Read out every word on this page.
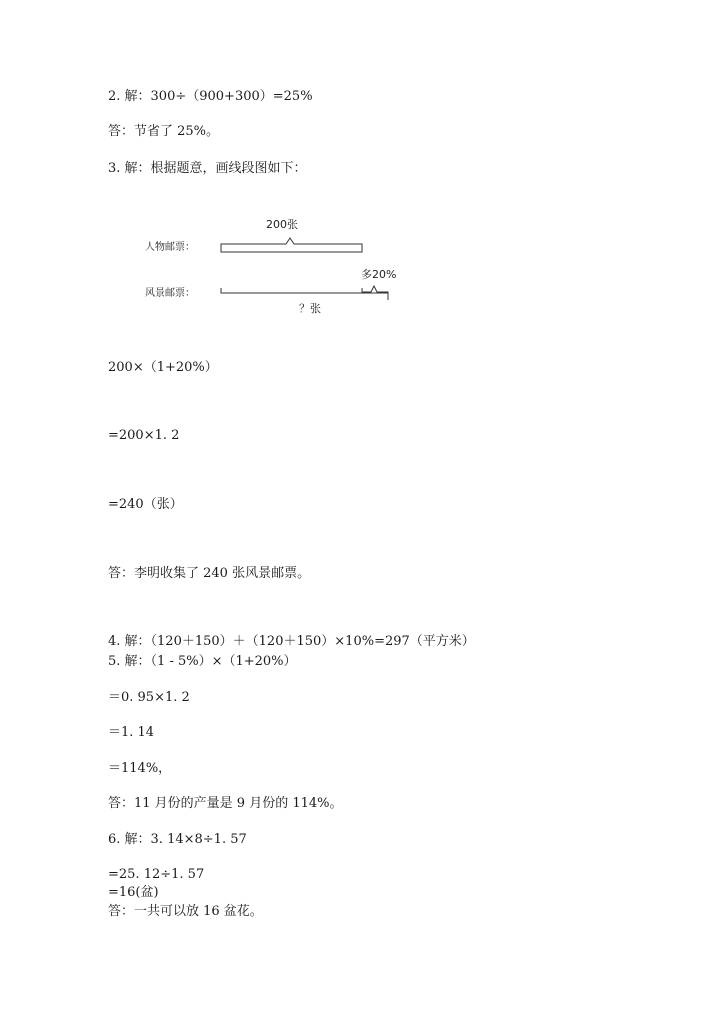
2. 解：300÷（900+300）=25%
答：节省了 25%。
3. 解：根据题意，画线段图如下：
200张
人物邮票：
多20%
风景邮票：
？张
200×（1+20%）
=200×1. 2
=240（张）
答：李明收集了 240 张风景邮票。
4. 解：（120＋150）＋（120＋150）×10%=297（平方米）
5. 解：（1 - 5%）×（1+20%）
＝0. 95×1. 2
＝1. 14
＝114%，
答：11 月份的产量是 9 月份的 114%。
6. 解：3. 14×8÷1. 57
=25. 12÷1. 57
=16(盆)
答：一共可以放 16 盆花。
